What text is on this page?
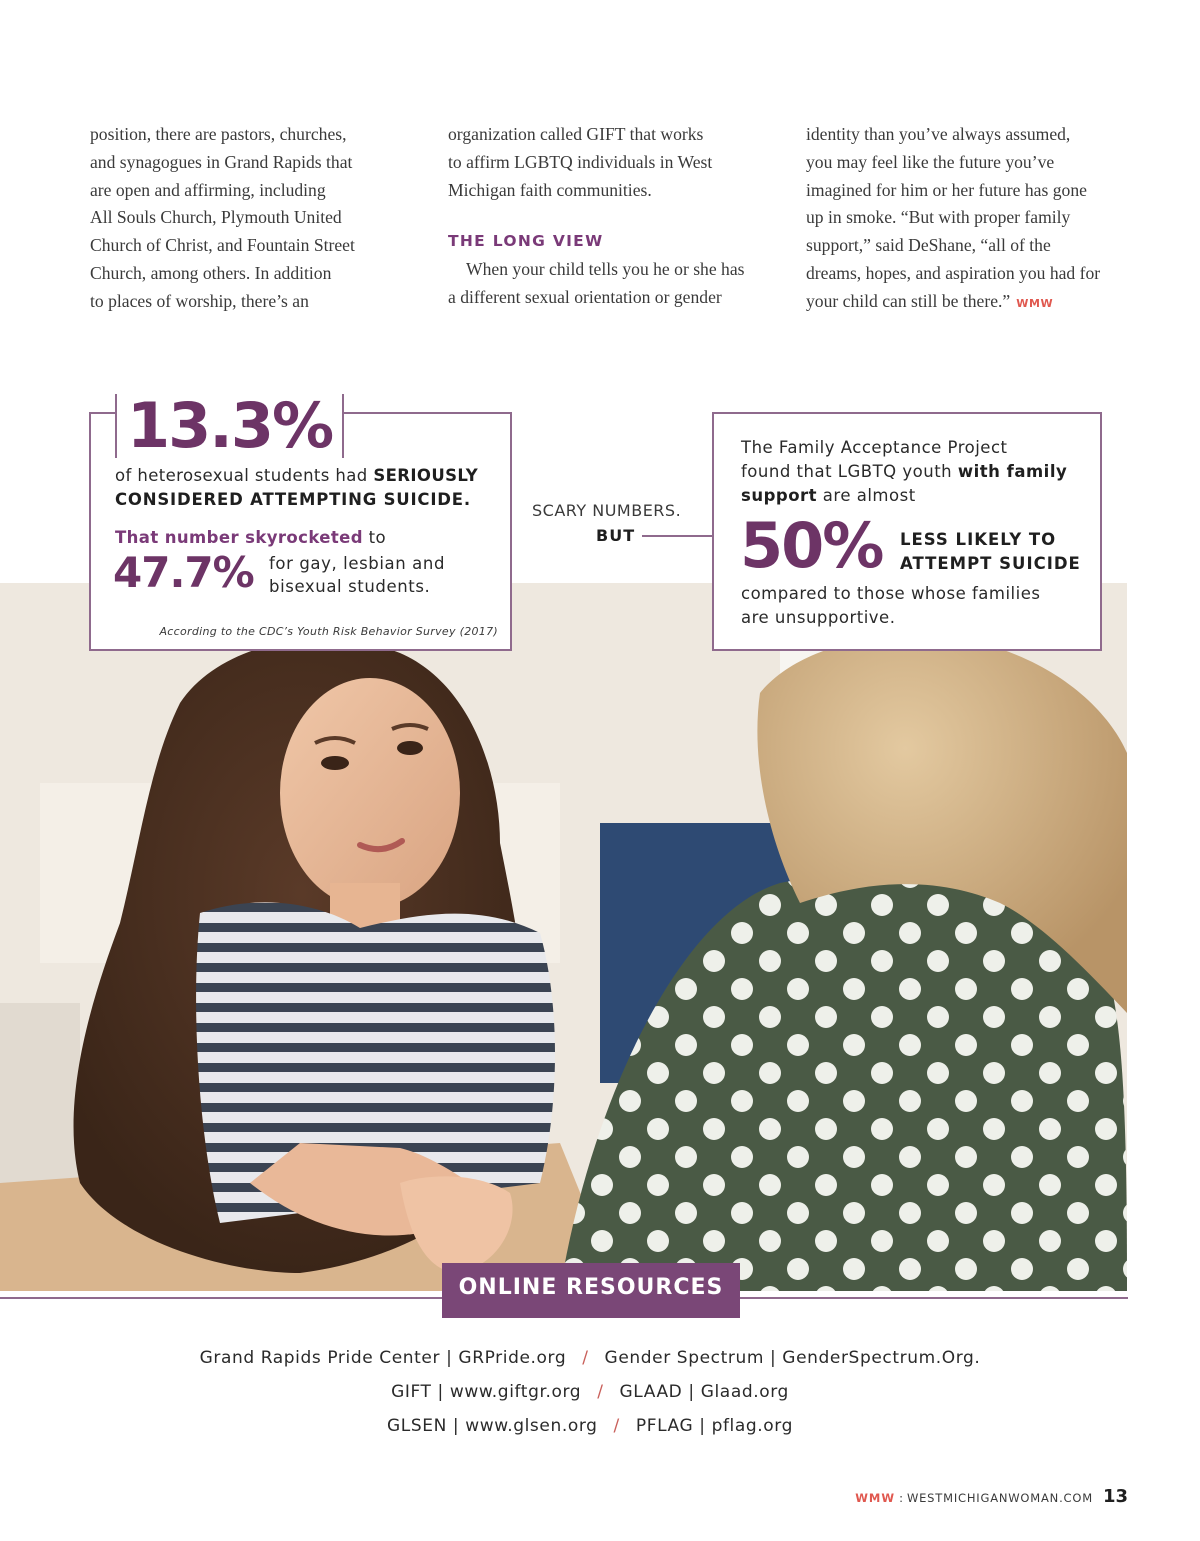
position, there are pastors, churches,
and synagogues in Grand Rapids that
are open and affirming, including
All Souls Church, Plymouth United
Church of Christ, and Fountain Street
Church, among others. In addition
to places of worship, there’s an
organization called GIFT that works
to affirm LGBTQ individuals in West
Michigan faith communities.
THE LONG VIEW
When your child tells you he or she has
a different sexual orientation or gender
identity than you’ve always assumed,
you may feel like the future you’ve
imagined for him or her future has gone
up in smoke. “But with proper family
support,” said DeShane, “all of the
dreams, hopes, and aspiration you had for
your child can still be there.” WMW
13.3%
of heterosexual students had SERIOUSLY
CONSIDERED ATTEMPTING SUICIDE.
That number skyrocketed to
47.7% for gay, lesbian and
bisexual students.
According to the CDC’s Youth Risk Behavior Survey (2017)
SCARY NUMBERS.
BUT
The Family Acceptance Project
found that LGBTQ youth with family
support are almost
50% LESS LIKELY TO
ATTEMPT SUICIDE
compared to those whose families
are unsupportive.
ONLINE RESOURCES
Grand Rapids Pride Center | GRPride.org / Gender Spectrum | GenderSpectrum.Org.
GIFT | www.giftgr.org / GLAAD | Glaad.org
GLSEN | www.glsen.org / PFLAG | pflag.org
WMW : WESTMICHIGANWOMAN.COM 13
